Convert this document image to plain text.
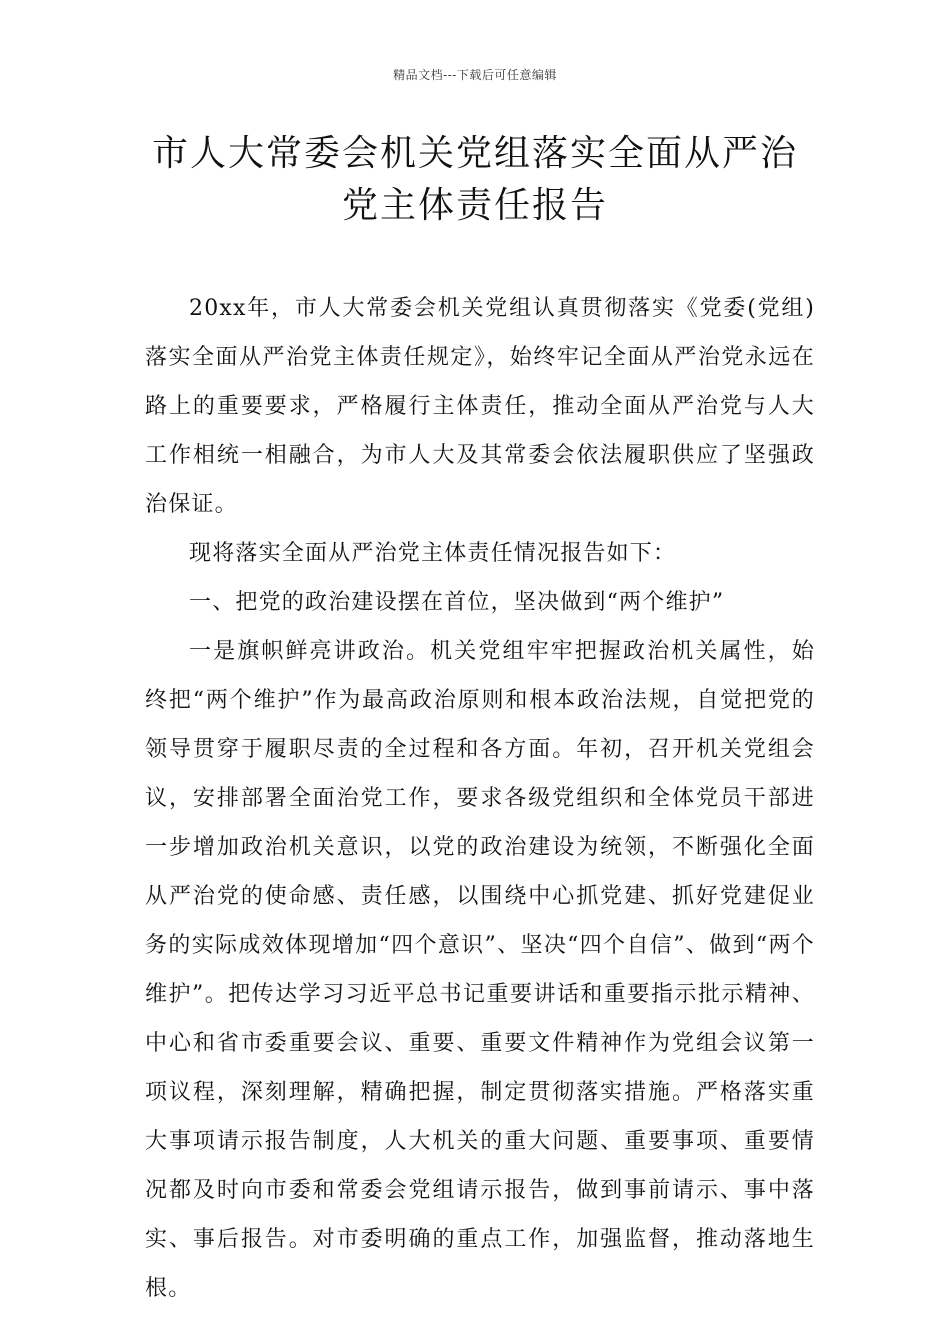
精品文档---下载后可任意编辑
市人大常委会机关党组落实全面从严治
党主体责任报告

20xx年，市人大常委会机关党组认真贯彻落实《党委(党组)落实全面从严治党主体责任规定》，始终牢记全面从严治党永远在路上的重要要求，严格履行主体责任，推动全面从严治党与人大工作相统一相融合，为市人大及其常委会依法履职供应了坚强政治保证。

现将落实全面从严治党主体责任情况报告如下：

一、把党的政治建设摆在首位，坚决做到“两个维护”

一是旗帜鲜亮讲政治。机关党组牢牢把握政治机关属性，始终把“两个维护”作为最高政治原则和根本政治法规，自觉把党的领导贯穿于履职尽责的全过程和各方面。年初，召开机关党组会议，安排部署全面治党工作，要求各级党组织和全体党员干部进一步增加政治机关意识，以党的政治建设为统领，不断强化全面从严治党的使命感、责任感，以围绕中心抓党建、抓好党建促业务的实际成效体现增加“四个意识”、坚决“四个自信”、做到“两个维护”。把传达学习习近平总书记重要讲话和重要指示批示精神、中心和省市委重要会议、重要、重要文件精神作为党组会议第一项议程，深刻理解，精确把握，制定贯彻落实措施。严格落实重大事项请示报告制度，人大机关的重大问题、重要事项、重要情况都及时向市委和常委会党组请示报告，做到事前请示、事中落实、事后报告。对市委明确的重点工作，加强监督，推动落地生根。
